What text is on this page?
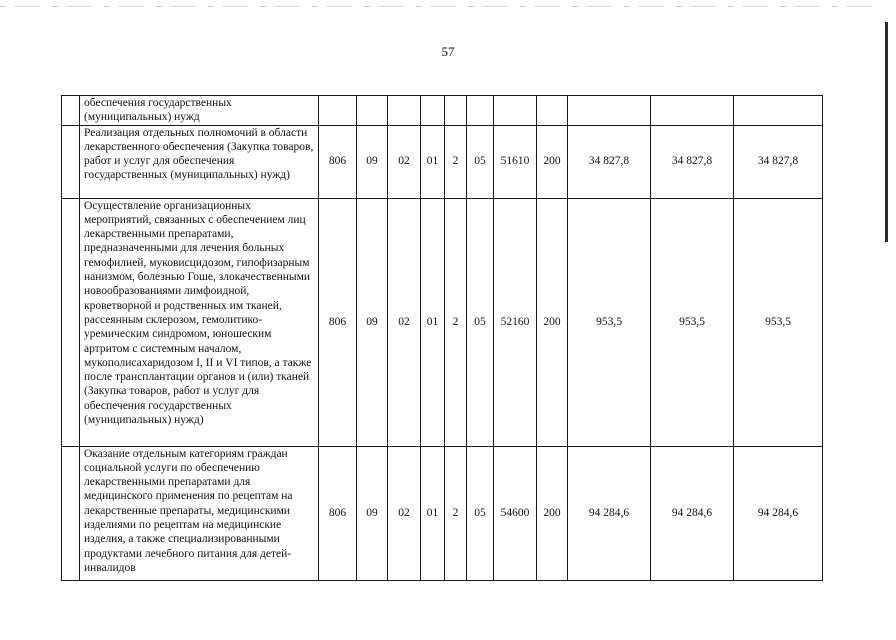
57
	обеспечения государственных (муниципальных) нужд											
	Реализация отдельных полномочий в области лекарственного обеспечения (Закупка товаров, работ и услуг для обеспечения государственных (муниципальных) нужд)	806	09	02	01	2	05	51610	200	34 827,8	34 827,8	34 827,8
	Осуществление организационных мероприятий, связанных с обеспечением лиц лекарственными препаратами, предназначенными для лечения больных гемофилией, муковисцидозом, гипофизарным нанизмом, болезнью Гоше, злокачественными новообразованиями лимфоидной, кроветворной и родственных им тканей, рассеянным склерозом, гемолитико-уремическим синдромом, юношеским артритом с системным началом, мукополисахаридозом I, II и VI типов, а также после трансплантации органов и (или) тканей (Закупка товаров, работ и услуг для обеспечения государственных (муниципальных) нужд)	806	09	02	01	2	05	52160	200	953,5	953,5	953,5
	Оказание отдельным категориям граждан социальной услуги по обеспечению лекарственными препаратами для медицинского применения по рецептам на лекарственные препараты, медицинскими изделиями по рецептам на медицинские изделия, а также специализированными продуктами лечебного питания для детей-инвалидов	806	09	02	01	2	05	54600	200	94 284,6	94 284,6	94 284,6
